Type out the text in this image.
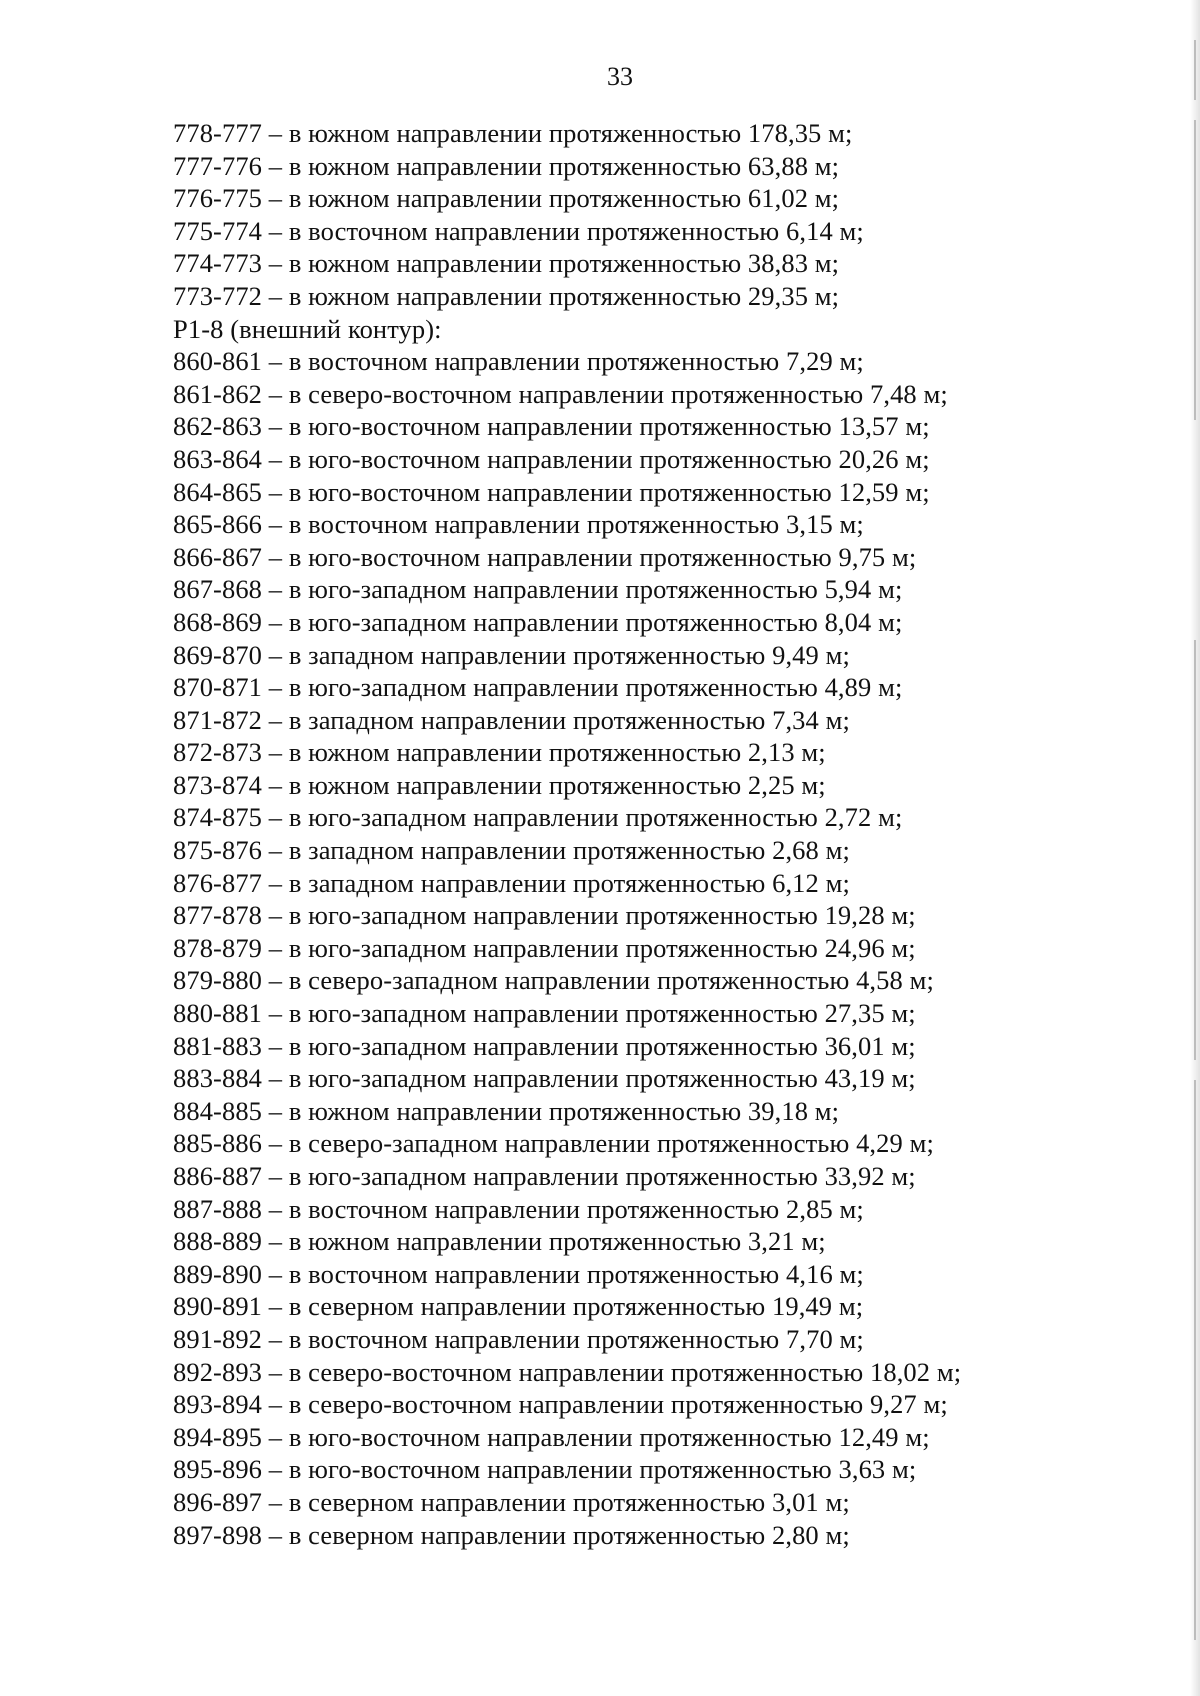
33
778-777 – в южном направлении протяженностью 178,35 м;
777-776 – в южном направлении протяженностью 63,88 м;
776-775 – в южном направлении протяженностью 61,02 м;
775-774 – в восточном направлении протяженностью 6,14 м;
774-773 – в южном направлении протяженностью 38,83 м;
773-772 – в южном направлении протяженностью 29,35 м;
Р1-8 (внешний контур):
860-861 – в восточном направлении протяженностью 7,29 м;
861-862 – в северо-восточном направлении протяженностью 7,48 м;
862-863 – в юго-восточном направлении протяженностью 13,57 м;
863-864 – в юго-восточном направлении протяженностью 20,26 м;
864-865 – в юго-восточном направлении протяженностью 12,59 м;
865-866 – в восточном направлении протяженностью 3,15 м;
866-867 – в юго-восточном направлении протяженностью 9,75 м;
867-868 – в юго-западном направлении протяженностью 5,94 м;
868-869 – в юго-западном направлении протяженностью 8,04 м;
869-870 – в западном направлении протяженностью 9,49 м;
870-871 – в юго-западном направлении протяженностью 4,89 м;
871-872 – в западном направлении протяженностью 7,34 м;
872-873 – в южном направлении протяженностью 2,13 м;
873-874 – в южном направлении протяженностью 2,25 м;
874-875 – в юго-западном направлении протяженностью 2,72 м;
875-876 – в западном направлении протяженностью 2,68 м;
876-877 – в западном направлении протяженностью 6,12 м;
877-878 – в юго-западном направлении протяженностью 19,28 м;
878-879 – в юго-западном направлении протяженностью 24,96 м;
879-880 – в северо-западном направлении протяженностью 4,58 м;
880-881 – в юго-западном направлении протяженностью 27,35 м;
881-883 – в юго-западном направлении протяженностью 36,01 м;
883-884 – в юго-западном направлении протяженностью 43,19 м;
884-885 – в южном направлении протяженностью 39,18 м;
885-886 – в северо-западном направлении протяженностью 4,29 м;
886-887 – в юго-западном направлении протяженностью 33,92 м;
887-888 – в восточном направлении протяженностью 2,85 м;
888-889 – в южном направлении протяженностью 3,21 м;
889-890 – в восточном направлении протяженностью 4,16 м;
890-891 – в северном направлении протяженностью 19,49 м;
891-892 – в восточном направлении протяженностью 7,70 м;
892-893 – в северо-восточном направлении протяженностью 18,02 м;
893-894 – в северо-восточном направлении протяженностью 9,27 м;
894-895 – в юго-восточном направлении протяженностью 12,49 м;
895-896 – в юго-восточном направлении протяженностью 3,63 м;
896-897 – в северном направлении протяженностью 3,01 м;
897-898 – в северном направлении протяженностью 2,80 м;
